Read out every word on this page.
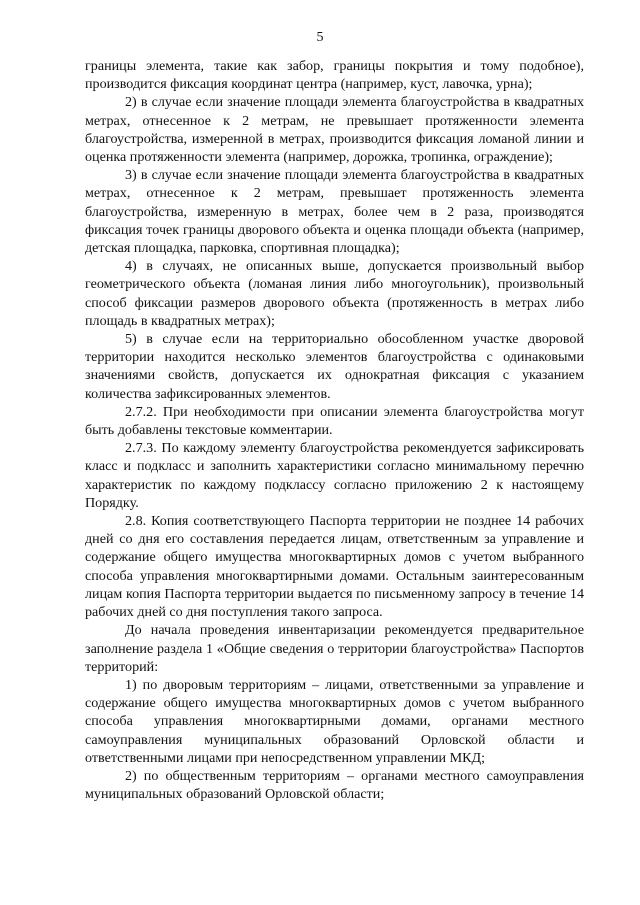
5

границы элемента, такие как забор, границы покрытия и тому подобное), производится фиксация координат центра (например, куст, лавочка, урна);

2) в случае если значение площади элемента благоустройства в квадратных метрах, отнесенное к 2 метрам, не превышает протяженности элемента благоустройства, измеренной в метрах, производится фиксация ломаной линии и оценка протяженности элемента (например, дорожка, тропинка, ограждение);

3) в случае если значение площади элемента благоустройства в квадратных метрах, отнесенное к 2 метрам, превышает протяженность элемента благоустройства, измеренную в метрах, более чем в 2 раза, производятся фиксация точек границы дворового объекта и оценка площади объекта (например, детская площадка, парковка, спортивная площадка);

4) в случаях, не описанных выше, допускается произвольный выбор геометрического объекта (ломаная линия либо многоугольник), произвольный способ фиксации размеров дворового объекта (протяженность в метрах либо площадь в квадратных метрах);

5) в случае если на территориально обособленном участке дворовой территории находится несколько элементов благоустройства с одинаковыми значениями свойств, допускается их однократная фиксация с указанием количества зафиксированных элементов.

2.7.2. При необходимости при описании элемента благоустройства могут быть добавлены текстовые комментарии.

2.7.3. По каждому элементу благоустройства рекомендуется зафиксировать класс и подкласс и заполнить характеристики согласно минимальному перечню характеристик по каждому подклассу согласно приложению 2 к настоящему Порядку.

2.8. Копия соответствующего Паспорта территории не позднее 14 рабочих дней со дня его составления передается лицам, ответственным за управление и содержание общего имущества многоквартирных домов с учетом выбранного способа управления многоквартирными домами. Остальным заинтересованным лицам копия Паспорта территории выдается по письменному запросу в течение 14 рабочих дней со дня поступления такого запроса.

До начала проведения инвентаризации рекомендуется предварительное заполнение раздела 1 «Общие сведения о территории благоустройства» Паспортов территорий:

1) по дворовым территориям – лицами, ответственными за управление и содержание общего имущества многоквартирных домов с учетом выбранного способа управления многоквартирными домами, органами местного самоуправления муниципальных образований Орловской области и ответственными лицами при непосредственном управлении МКД;

2) по общественным территориям – органами местного самоуправления муниципальных образований Орловской области;
